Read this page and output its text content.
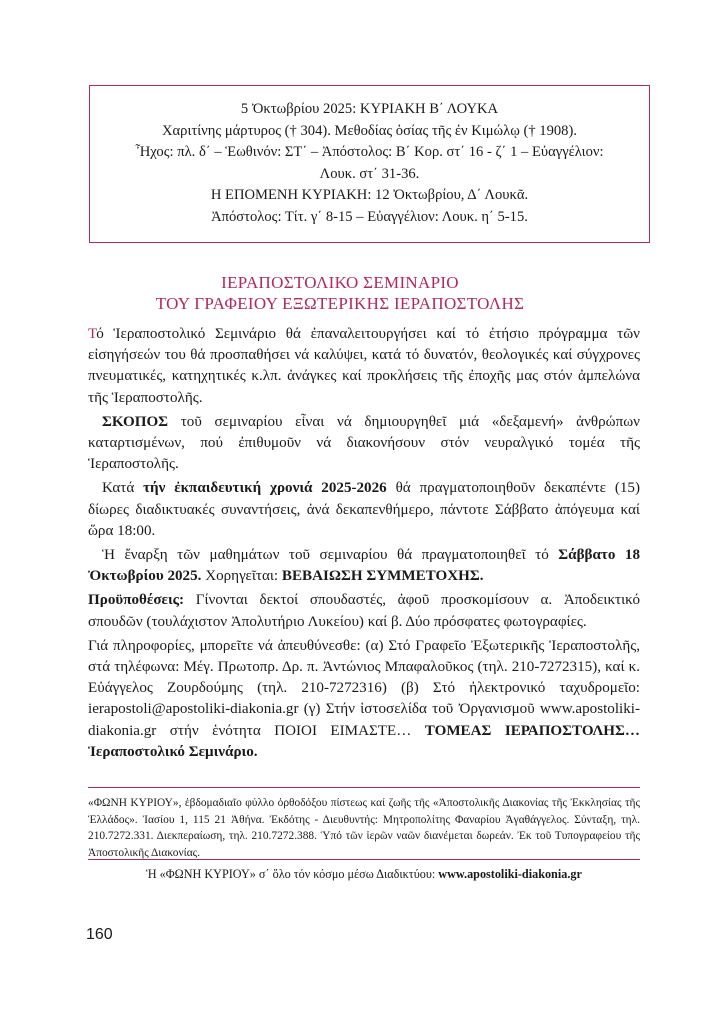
5 Ὀκτωβρίου 2025: ΚΥΡΙΑΚΗ Β΄ ΛΟΥΚΑ
Χαριτίνης μάρτυρος († 304). Μεθοδίας ὁσίας τῆς ἐν Κιμώλῳ († 1908).
Ἦχος: πλ. δ΄ – Ἑωθινόν: ΣΤ΄ – Ἀπόστολος: Β΄ Κορ. στ΄ 16 - ζ΄ 1 – Εὐαγγέλιον:
Λουκ. στ΄ 31-36.
Η ΕΠΟΜΕΝΗ ΚΥΡΙΑΚΗ: 12 Ὀκτωβρίου, Δ΄ Λουκᾶ.
Ἀπόστολος: Τίτ. γ΄ 8-15 – Εὐαγγέλιον: Λουκ. η΄ 5-15.
ΙΕΡΑΠΟΣΤΟΛΙΚΟ ΣΕΜΙΝΑΡΙΟ
ΤΟΥ ΓΡΑΦΕΙΟΥ ΕΞΩΤΕΡΙΚΗΣ ΙΕΡΑΠΟΣΤΟΛΗΣ

Τό Ἱεραποστολικό Σεμινάριο θά ἐπαναλειτουργήσει καί τό ἐτήσιο πρόγραμμα τῶν εἰσηγήσεών του θά προσπαθήσει νά καλύψει, κατά τό δυνατόν, θεολογικές καί σύγχρονες πνευματικές, κατηχητικές κ.λπ. ἀνάγκες καί προκλήσεις τῆς ἐποχῆς μας στόν ἀμπελώνα τῆς Ἱεραποστολῆς.

ΣΚΟΠΟΣ τοῦ σεμιναρίου εἶναι νά δημιουργηθεῖ μιά «δεξαμενή» ἀνθρώπων καταρτισμένων, πού ἐπιθυμοῦν νά διακονήσουν στόν νευραλγικό τομέα τῆς Ἱεραποστολῆς.

Κατά τήν ἐκπαιδευτική χρονιά 2025-2026 θά πραγματοποιηθοῦν δεκαπέντε (15) δίωρες διαδικτυακές συναντήσεις, ἀνά δεκαπενθήμερο, πάντοτε Σάββατο ἀπόγευμα καί ὥρα 18:00.

Ἡ ἔναρξη τῶν μαθημάτων τοῦ σεμιναρίου θά πραγματοποιηθεῖ τό Σάββατο 18 Ὀκτωβρίου 2025. Χορηγεῖται: ΒΕΒΑΙΩΣΗ ΣΥΜΜΕΤΟΧΗΣ.

Προϋποθέσεις: Γίνονται δεκτοί σπουδαστές, ἀφοῦ προσκομίσουν α. Ἀποδεικτικό σπουδῶν (τουλάχιστον Ἀπολυτήριο Λυκείου) καί β. Δύο πρόσφατες φωτογραφίες.

Γιά πληροφορίες, μπορεῖτε νά ἀπευθύνεσθε: (α) Στό Γραφεῖο Ἐξωτερικῆς Ἱεραποστολῆς, στά τηλέφωνα: Μέγ. Πρωτοπρ. Δρ. π. Ἀντώνιος Μπαφαλοῦκος (τηλ. 210-7272315), καί κ. Εὐάγγελος Ζουρδούμης (τηλ. 210-7272316) (β) Στό ἠλεκτρονικό ταχυδρομεῖο: ierapostoli@apostoliki-diakonia.gr (γ) Στήν ἱστοσελίδα τοῦ Ὀργανισμοῦ www.apostoliki-diakonia.gr στήν ἑνότητα ΠΟΙΟΙ ΕΙΜΑΣΤΕ… ΤΟΜΕΑΣ ΙΕΡΑΠΟΣΤΟΛΗΣ… Ἱεραποστολικό Σεμινάριο.

«ΦΩΝΗ ΚΥΡΙΟΥ», ἑβδομαδιαῖο φύλλο ὀρθοδόξου πίστεως καί ζωῆς τῆς «Ἀποστολικῆς Διακονίας τῆς Ἐκκλησίας τῆς Ἑλλάδος». Ἰασίου 1, 115 21 Ἀθήνα. Ἐκδότης - Διευθυντής: Μητροπολίτης Φαναρίου Ἀγαθάγγελος. Σύνταξη, τηλ. 210.7272.331. Διεκπεραίωση, τηλ. 210.7272.388. Ὑπό τῶν ἱερῶν ναῶν διανέμεται δωρεάν. Ἐκ τοῦ Τυπογραφείου τῆς Ἀποστολικῆς Διακονίας.
Ἡ «ΦΩΝΗ ΚΥΡΙΟΥ» σ΄ ὅλο τόν κόσμο μέσω Διαδικτύου: www.apostoliki-diakonia.gr
160
